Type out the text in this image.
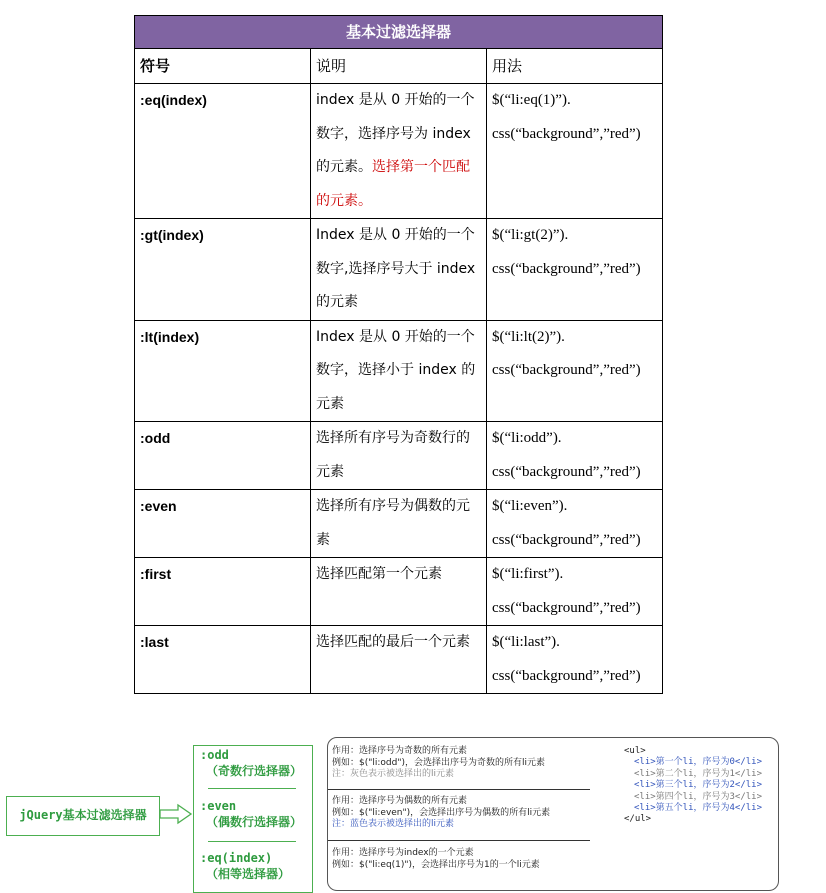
基本过滤选择器		
符号	说明	用法
:eq(index)	index 是从 0 开始的一个数字，选择序号为 index 的元素。选择第一个匹配的元素。	$(“li:eq(1)”).
css(“background”,”red”)

:gt(index)	Index 是从 0 开始的一个数字,选择序号大于 index 的元素	$(“li:gt(2)”).
css(“background”,”red”)

:lt(index)	Index 是从 0 开始的一个数字，选择小于 index 的元素	$(“li:lt(2)”).
css(“background”,”red”)

:odd	选择所有序号为奇数行的元素	$(“li:odd”).
css(“background”,”red”)

:even	选择所有序号为偶数的元素	$(“li:even”).
css(“background”,”red”)

:first	选择匹配第一个元素	$(“li:first”).
css(“background”,”red”)

:last	选择匹配的最后一个元素	$(“li:last”).
css(“background”,”red”)
jQuery基本过滤选择器
:odd
（奇数行选择器）
:even
（偶数行选择器）
:eq(index)
（相等选择器）
作用：选择序号为奇数的所有元素
例如：$("li:odd")，会选择出序号为奇数的所有li元素
注：灰色表示被选择出的li元素
作用：选择序号为偶数的所有元素
例如：$("li:even")，会选择出序号为偶数的所有li元素
注：蓝色表示被选择出的li元素
作用：选择序号为index的一个元素
例如：$("li:eq(1)")，会选择出序号为1的一个li元素
<ul>
<li>第一个li，序号为0</li>
<li>第二个li，序号为1</li>
<li>第三个li，序号为2</li>
<li>第四个li，序号为3</li>
<li>第五个li，序号为4</li>
</ul>
